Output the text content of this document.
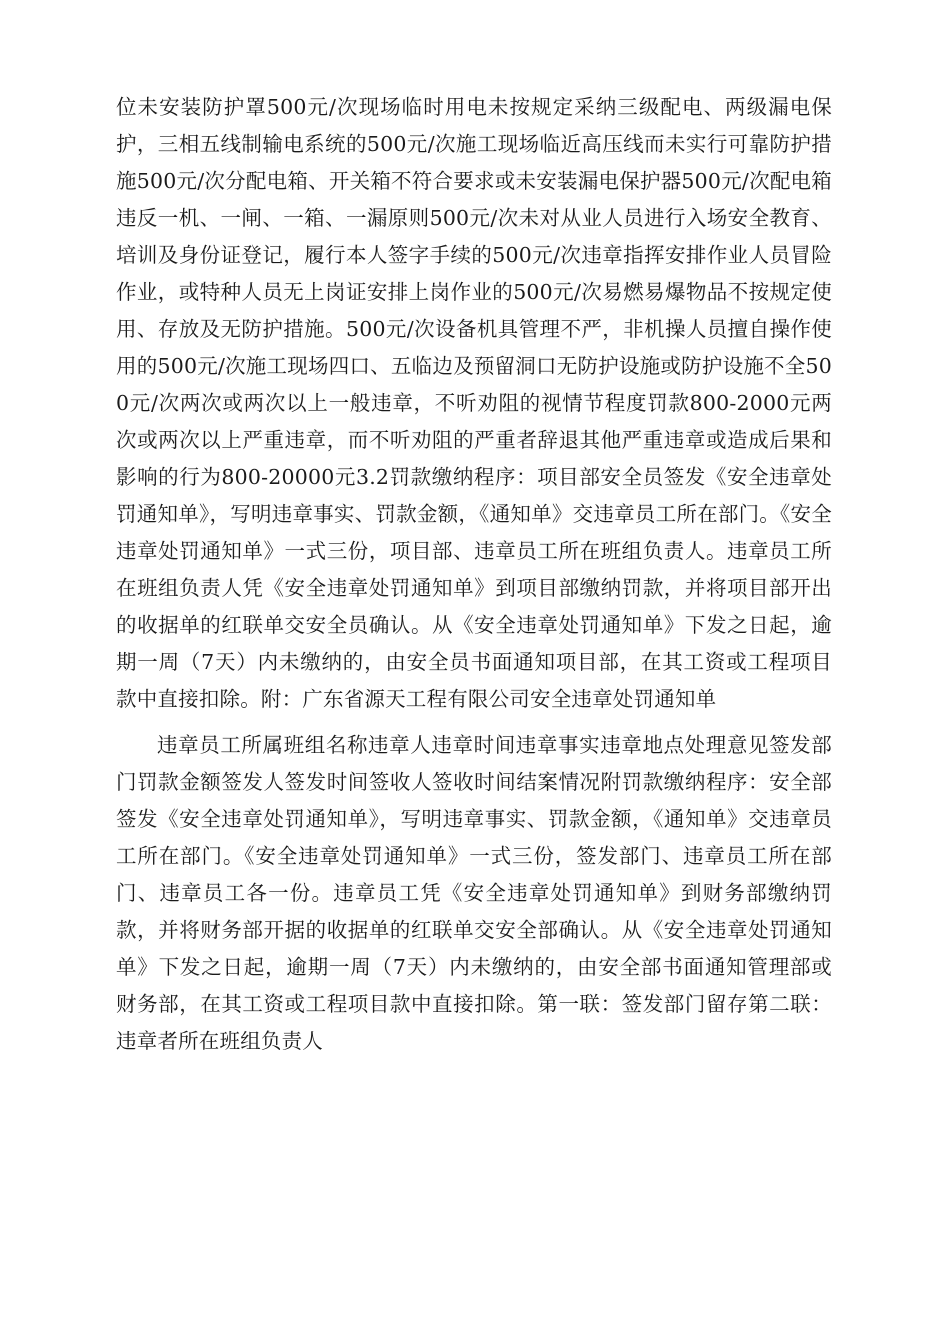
位未安装防护罩500元/次现场临时用电未按规定采纳三级配电、两级漏电保护，三相五线制输电系统的500元/次施工现场临近高压线而未实行可靠防护措施500元/次分配电箱、开关箱不符合要求或未安装漏电保护器500元/次配电箱违反一机、一闸、一箱、一漏原则500元/次未对从业人员进行入场安全教育、培训及身份证登记，履行本人签字手续的500元/次违章指挥安排作业人员冒险作业，或特种人员无上岗证安排上岗作业的500元/次易燃易爆物品不按规定使用、存放及无防护措施。500元/次设备机具管理不严，非机操人员擅自操作使用的500元/次施工现场四口、五临边及预留洞口无防护设施或防护设施不全500元/次两次或两次以上一般违章，不听劝阻的视情节程度罚款800-2000元两次或两次以上严重违章，而不听劝阻的严重者辞退其他严重违章或造成后果和影响的行为800-20000元3.2罚款缴纳程序：项目部安全员签发《安全违章处罚通知单》，写明违章事实、罚款金额，《通知单》交违章员工所在部门。《安全违章处罚通知单》一式三份，项目部、违章员工所在班组负责人。违章员工所在班组负责人凭《安全违章处罚通知单》到项目部缴纳罚款，并将项目部开出的收据单的红联单交安全员确认。从《安全违章处罚通知单》下发之日起，逾期一周（7天）内未缴纳的，由安全员书面通知项目部，在其工资或工程项目款中直接扣除。附：广东省源天工程有限公司安全违章处罚通知单

违章员工所属班组名称违章人违章时间违章事实违章地点处理意见签发部门罚款金额签发人签发时间签收人签收时间结案情况附罚款缴纳程序：安全部签发《安全违章处罚通知单》，写明违章事实、罚款金额，《通知单》交违章员工所在部门。《安全违章处罚通知单》一式三份，签发部门、违章员工所在部门、违章员工各一份。违章员工凭《安全违章处罚通知单》到财务部缴纳罚款，并将财务部开据的收据单的红联单交安全部确认。从《安全违章处罚通知单》下发之日起，逾期一周（7天）内未缴纳的，由安全部书面通知管理部或财务部，在其工资或工程项目款中直接扣除。第一联：签发部门留存第二联：违章者所在班组负责人
